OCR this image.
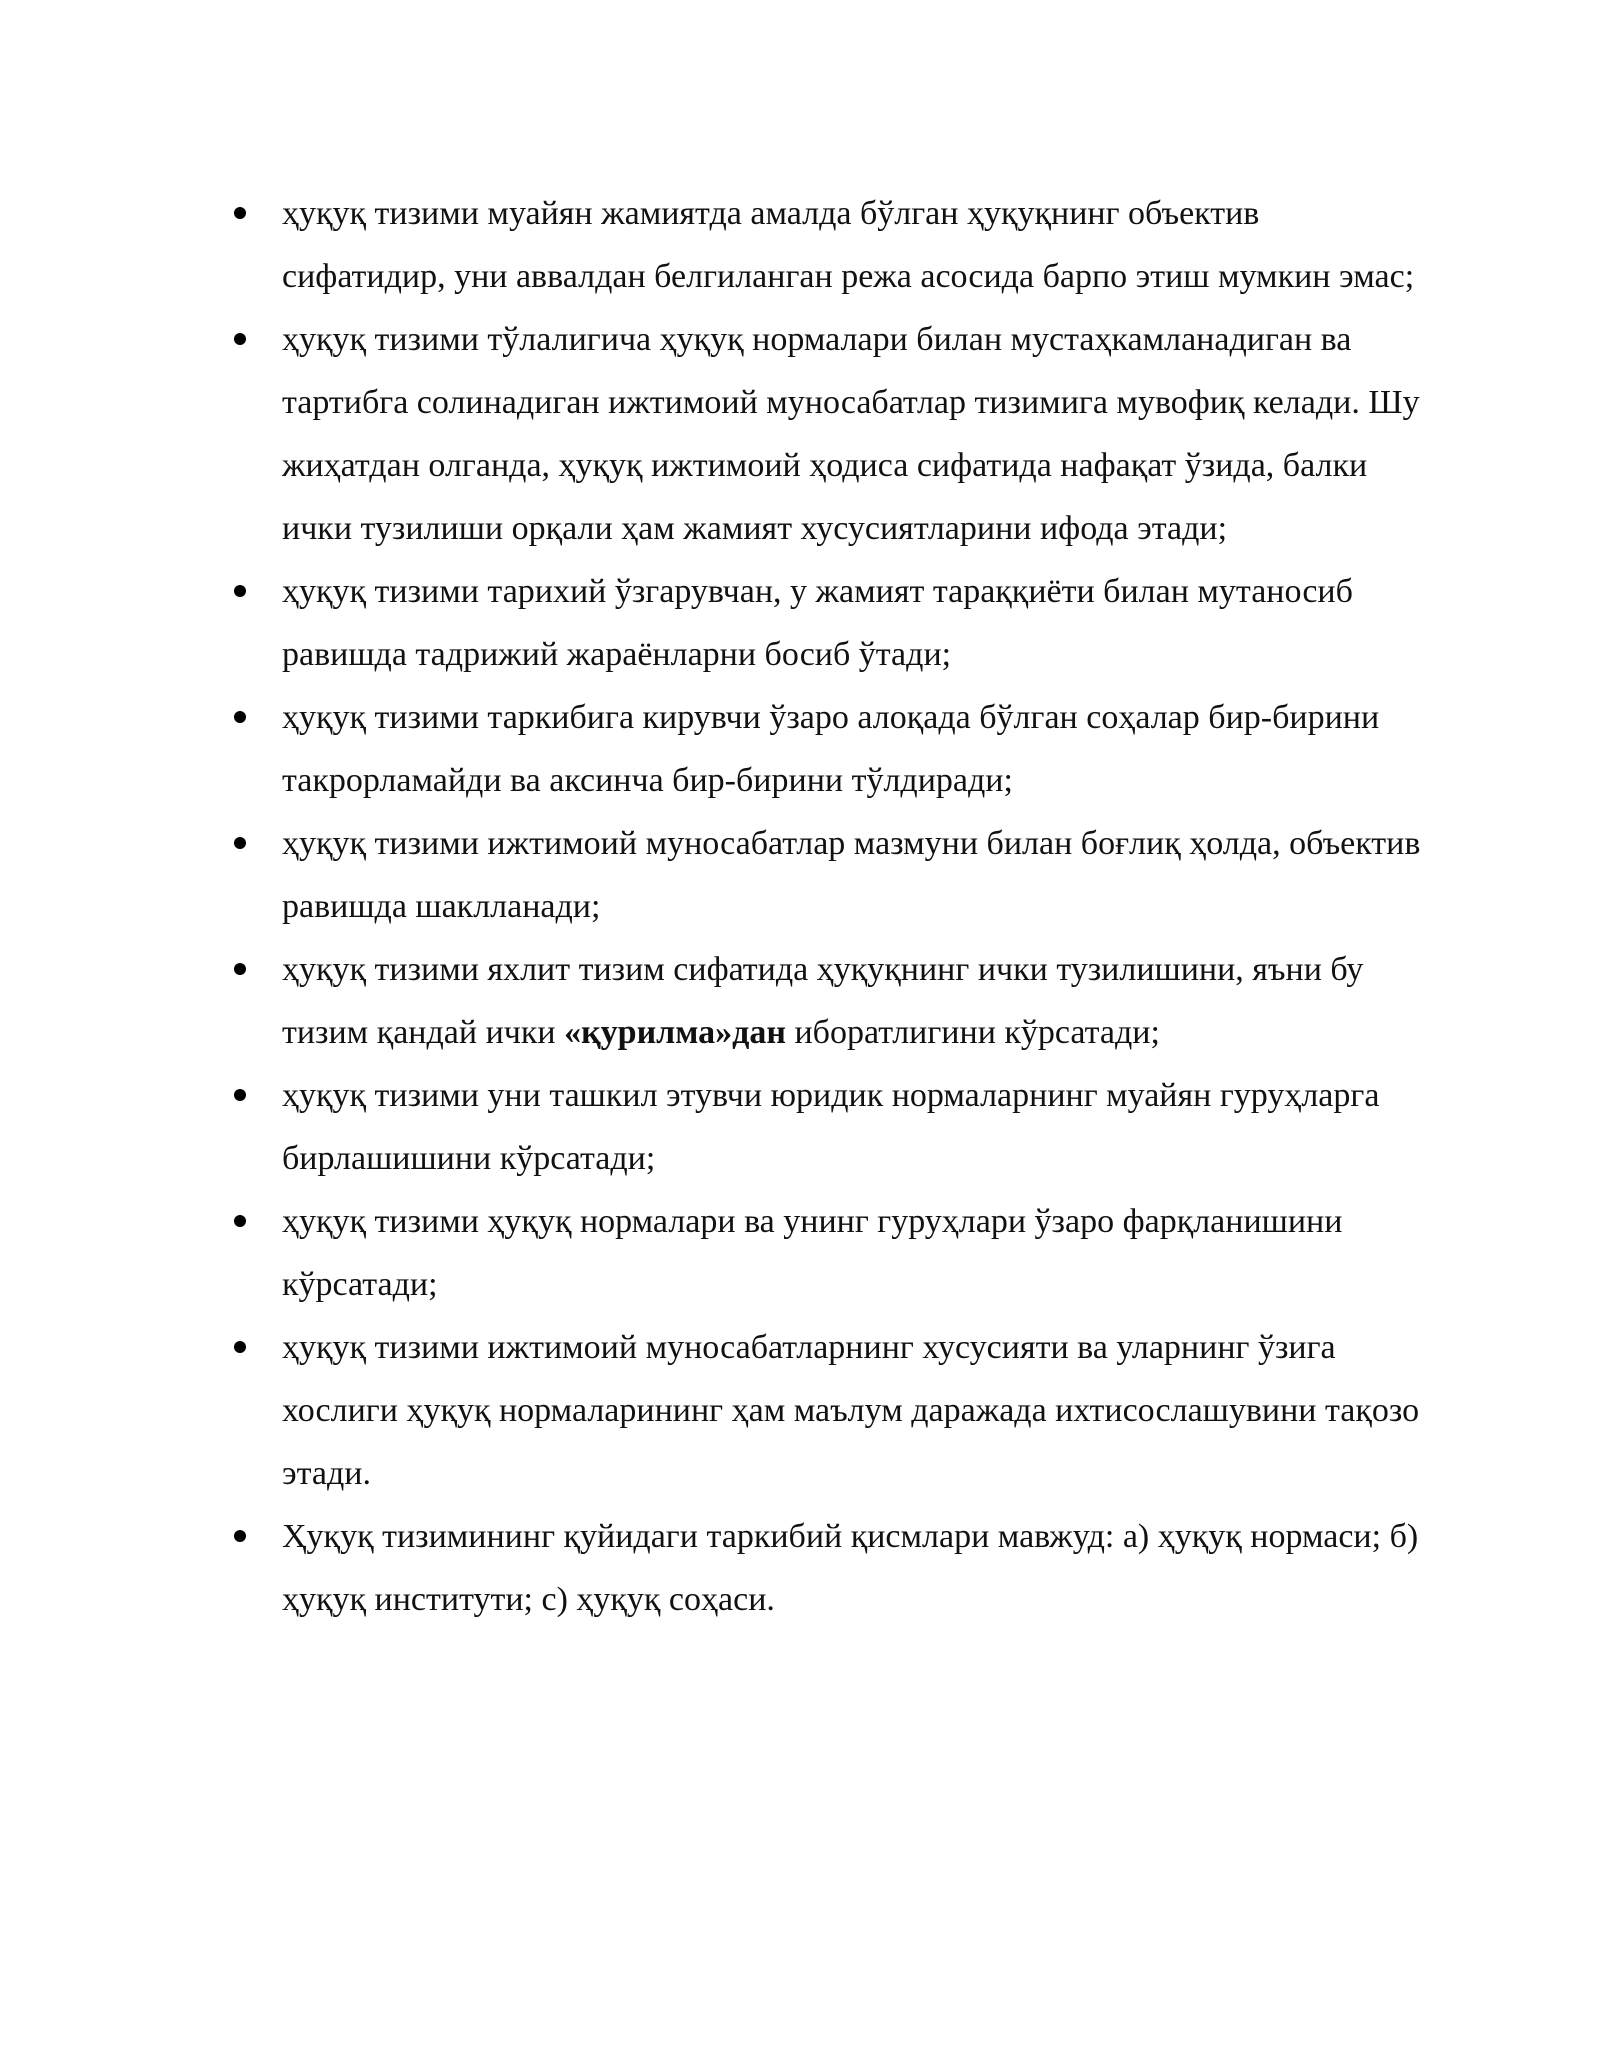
ҳуқуқ тизими муайян жамиятда амалда бўлган ҳуқуқнинг объектив сифатидир, уни аввалдан белгиланган режа асосида барпо этиш мумкин эмас;
ҳуқуқ тизими тўлалигича ҳуқуқ нормалари билан мустаҳкамланадиган ва тартибга солинадиган ижтимоий муносабатлар тизимига мувофиқ келади. Шу жиҳатдан олганда, ҳуқуқ ижтимоий ҳодиса сифатида нафақат ўзида, балки ички тузилиши орқали ҳам жамият хусусиятларини ифода этади;
ҳуқуқ тизими тарихий ўзгарувчан, у жамият тараққиёти билан мутаносиб равишда тадрижий жараёнларни босиб ўтади;
ҳуқуқ тизими таркибига кирувчи ўзаро алоқада бўлган соҳалар бир-бирини такрорламайди ва аксинча бир-бирини тўлдиради;
ҳуқуқ тизими ижтимоий муносабатлар мазмуни билан боғлиқ ҳолда, объектив равишда шаклланади;
ҳуқуқ тизими яхлит тизим сифатида ҳуқуқнинг ички тузилишини, яъни бу тизим қандай ички «қурилма»дан иборатлигини кўрсатади;
ҳуқуқ тизими уни ташкил этувчи юридик нормаларнинг муайян гуруҳларга бирлашишини кўрсатади;
ҳуқуқ тизими ҳуқуқ нормалари ва унинг гуруҳлари ўзаро фарқланишини кўрсатади;
ҳуқуқ тизими ижтимоий муносабатларнинг хусусияти ва уларнинг ўзига хослиги ҳуқуқ нормаларининг ҳам маълум даражада ихтисослашувини тақозо этади.
Ҳуқуқ тизимининг қуйидаги таркибий қисмлари мавжуд: а) ҳуқуқ нормаси; б) ҳуқуқ институти; с) ҳуқуқ соҳаси.
